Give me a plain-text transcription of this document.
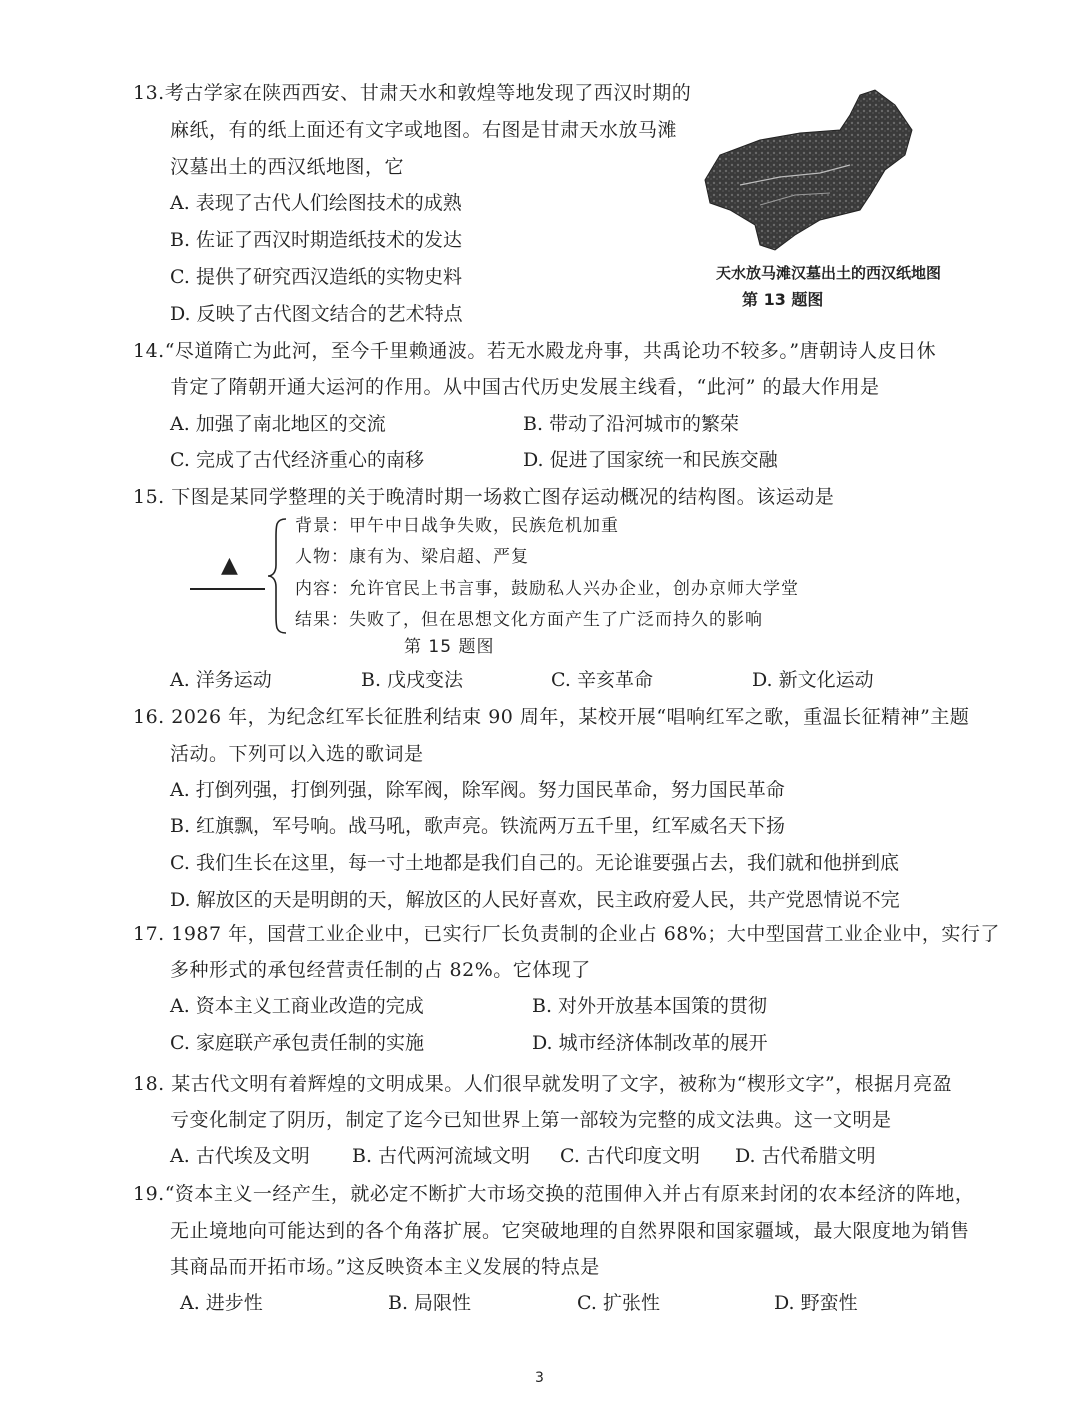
13.考古学家在陕西西安、甘肃天水和敦煌等地发现了西汉时期的
麻纸，有的纸上面还有文字或地图。右图是甘肃天水放马滩
汉墓出土的西汉纸地图，它
A. 表现了古代人们绘图技术的成熟
B. 佐证了西汉时期造纸技术的发达
C. 提供了研究西汉造纸的实物史料
D. 反映了古代图文结合的艺术特点
天水放马滩汉墓出土的西汉纸地图
第 13 题图
14.“尽道隋亡为此河，至今千里赖通波。若无水殿龙舟事，共禹论功不较多。”唐朝诗人皮日休
肯定了隋朝开通大运河的作用。从中国古代历史发展主线看，“此河” 的最大作用是
A. 加强了南北地区的交流	B. 带动了沿河城市的繁荣
C. 完成了古代经济重心的南移	D. 促进了国家统一和民族交融
15. 下图是某同学整理的关于晚清时期一场救亡图存运动概况的结构图。该运动是
▲
背景：甲午中日战争失败，民族危机加重
人物：康有为、梁启超、严复
内容：允许官民上书言事，鼓励私人兴办企业，创办京师大学堂
结果：失败了，但在思想文化方面产生了广泛而持久的影响
第 15 题图
A. 洋务运动	B. 戊戌变法	C. 辛亥革命	D. 新文化运动
16. 2026 年，为纪念红军长征胜利结束 90 周年，某校开展“唱响红军之歌，重温长征精神”主题
活动。下列可以入选的歌词是
A. 打倒列强，打倒列强，除军阀，除军阀。努力国民革命，努力国民革命
B. 红旗飘，军号响。战马吼，歌声亮。铁流两万五千里，红军威名天下扬
C. 我们生长在这里，每一寸土地都是我们自己的。无论谁要强占去，我们就和他拼到底
D. 解放区的天是明朗的天，解放区的人民好喜欢，民主政府爱人民，共产党恩情说不完
17. 1987 年，国营工业企业中，已实行厂长负责制的企业占 68%；大中型国营工业企业中，实行了
多种形式的承包经营责任制的占 82%。它体现了
A. 资本主义工商业改造的完成	B. 对外开放基本国策的贯彻
C. 家庭联产承包责任制的实施	D. 城市经济体制改革的展开
18. 某古代文明有着辉煌的文明成果。人们很早就发明了文字，被称为“楔形文字”，根据月亮盈
亏变化制定了阴历，制定了迄今已知世界上第一部较为完整的成文法典。这一文明是
A. 古代埃及文明 B. 古代两河流域文明 C. 古代印度文明 D. 古代希腊文明
19.“资本主义一经产生，就必定不断扩大市场交换的范围伸入并占有原来封闭的农本经济的阵地，
无止境地向可能达到的各个角落扩展。它突破地理的自然界限和国家疆域，最大限度地为销售
其商品而开拓市场。”这反映资本主义发展的特点是
A. 进步性	B. 局限性	C. 扩张性	D. 野蛮性
3
